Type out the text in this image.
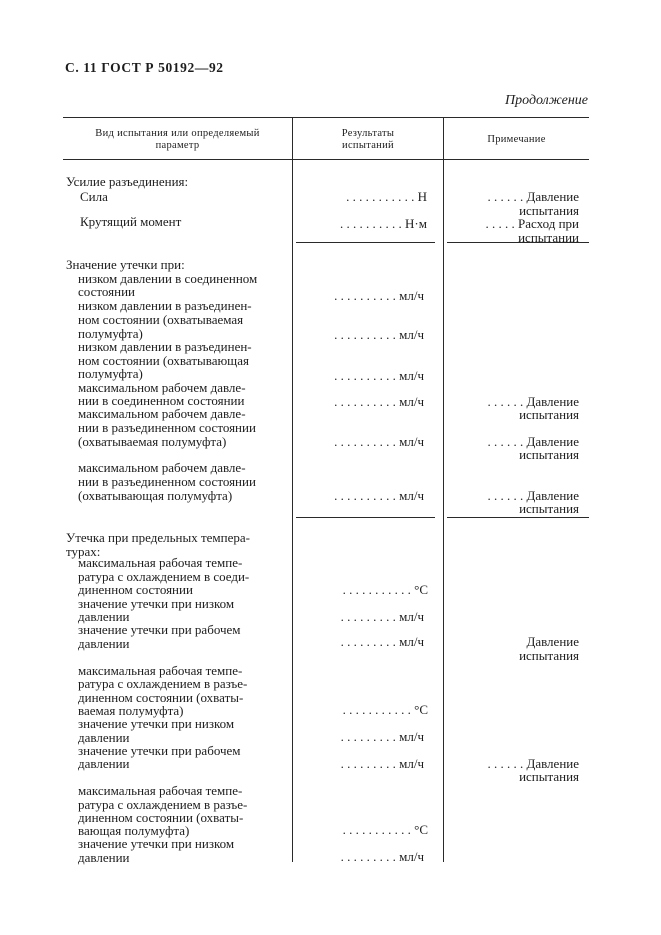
С. 11 ГОСТ Р 50192—92
Продолжение
Вид испытания или определяемый
параметр
Результаты
испытаний
Примечание
Усилие разъединения:
Сила	. . . . . . . . . . . Н	. . . . . . Давление
испытания
Крутящий момент	. . . . . . . . . . Н·м	. . . . . Расход при
испытании
Значение утечки при:
низком давлении в соединенном
состоянии	. . . . . . . . . . мл/ч
низком давлении в разъединен-
ном состоянии (охватываемая
полумуфта)	. . . . . . . . . . мл/ч
низком давлении в разъединен-
ном состоянии (охватывающая
полумуфта)	. . . . . . . . . . мл/ч
максимальном рабочем давле-
нии в соединенном состоянии	. . . . . . . . . . мл/ч	. . . . . . Давление
испытания
максимальном рабочем давле-
нии в разъединенном состоянии
(охватываемая полумуфта)	. . . . . . . . . . мл/ч	. . . . . . Давление
испытания
максимальном рабочем давле-
нии в разъединенном состоянии
(охватывающая полумуфта)	. . . . . . . . . . мл/ч	. . . . . . Давление
испытания
Утечка при предельных темпера-
турах:
максимальная рабочая темпе-
ратура с охлаждением в соеди-
диненном состоянии	. . . . . . . . . . . °С
значение утечки при низком
давлении	. . . . . . . . . мл/ч
значение утечки при рабочем
давлении	. . . . . . . . . мл/ч	Давление
испытания
максимальная рабочая темпе-
ратура с охлаждением в разъе-
диненном состоянии (охваты-
ваемая полумуфта)	. . . . . . . . . . . °С
значение утечки при низком
давлении	. . . . . . . . . мл/ч
значение утечки при рабочем
давлении	. . . . . . . . . мл/ч	. . . . . . Давление
испытания
максимальная рабочая темпе-
ратура с охлаждением в разъе-
диненном состоянии (охваты-
вающая полумуфта)	. . . . . . . . . . . °С
значение утечки при низком
давлении	. . . . . . . . . мл/ч
